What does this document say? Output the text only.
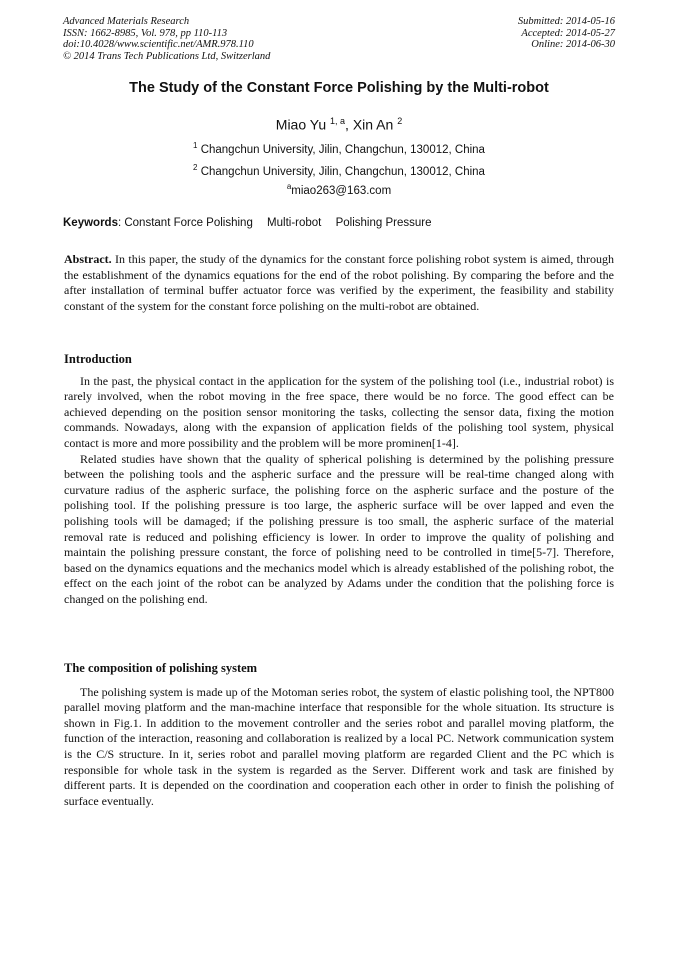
Advanced Materials Research
ISSN: 1662-8985, Vol. 978, pp 110-113
doi:10.4028/www.scientific.net/AMR.978.110
© 2014 Trans Tech Publications Ltd, Switzerland
Submitted: 2014-05-16
Accepted: 2014-05-27
Online: 2014-06-30
The Study of the Constant Force Polishing by the Multi-robot
Miao Yu $^{1, a}$, Xin An $^2$
$^1$ Changchun University, Jilin, Changchun, 130012, China
$^2$ Changchun University, Jilin, Changchun, 130012, China
$^a$miao263@163.com
Keywords: Constant Force Polishing Multi-robot Polishing Pressure

Abstract. In this paper, the study of the dynamics for the constant force polishing robot system is aimed, through the establishment of the dynamics equations for the end of the robot polishing. By comparing the before and the after installation of terminal buffer actuator force was verified by the experiment, the feasibility and stability constant of the system for the constant force polishing on the multi-robot are obtained.

Introduction

In the past, the physical contact in the application for the system of the polishing tool (i.e., industrial robot) is rarely involved, when the robot moving in the free space, there would be no force. The good effect can be achieved depending on the position sensor monitoring the tasks, collecting the sensor data, fixing the motion commands. Nowadays, along with the expansion of application fields of the polishing tool system, physical contact is more and more possibility and the problem will be more prominen[1-4].

Related studies have shown that the quality of spherical polishing is determined by the polishing pressure between the polishing tools and the aspheric surface and the pressure will be real-time changed along with curvature radius of the aspheric surface, the polishing force on the aspheric surface and the posture of the polishing tool. If the polishing pressure is too large, the aspheric surface will be over lapped and even the polishing tools will be damaged; if the polishing pressure is too small, the aspheric surface of the material removal rate is reduced and polishing efficiency is lower. In order to improve the quality of polishing and maintain the polishing pressure constant, the force of polishing need to be controlled in time[5-7]. Therefore, based on the dynamics equations and the mechanics model which is already established of the polishing robot, the effect on the each joint of the robot can be analyzed by Adams under the condition that the polishing force is changed on the polishing end.

The composition of polishing system

The polishing system is made up of the Motoman series robot, the system of elastic polishing tool, the NPT800 parallel moving platform and the man-machine interface that responsible for the whole situation. Its structure is shown in Fig.1. In addition to the movement controller and the series robot and parallel moving platform, the function of the interaction, reasoning and collaboration is realized by a local PC. Network communication system is the C/S structure. In it, series robot and parallel moving platform are regarded Client and the PC which is responsible for whole task in the system is regarded as the Server. Different work and task are finished by different parts. It is depended on the coordination and cooperation each other in order to finish the polishing of surface eventually.
